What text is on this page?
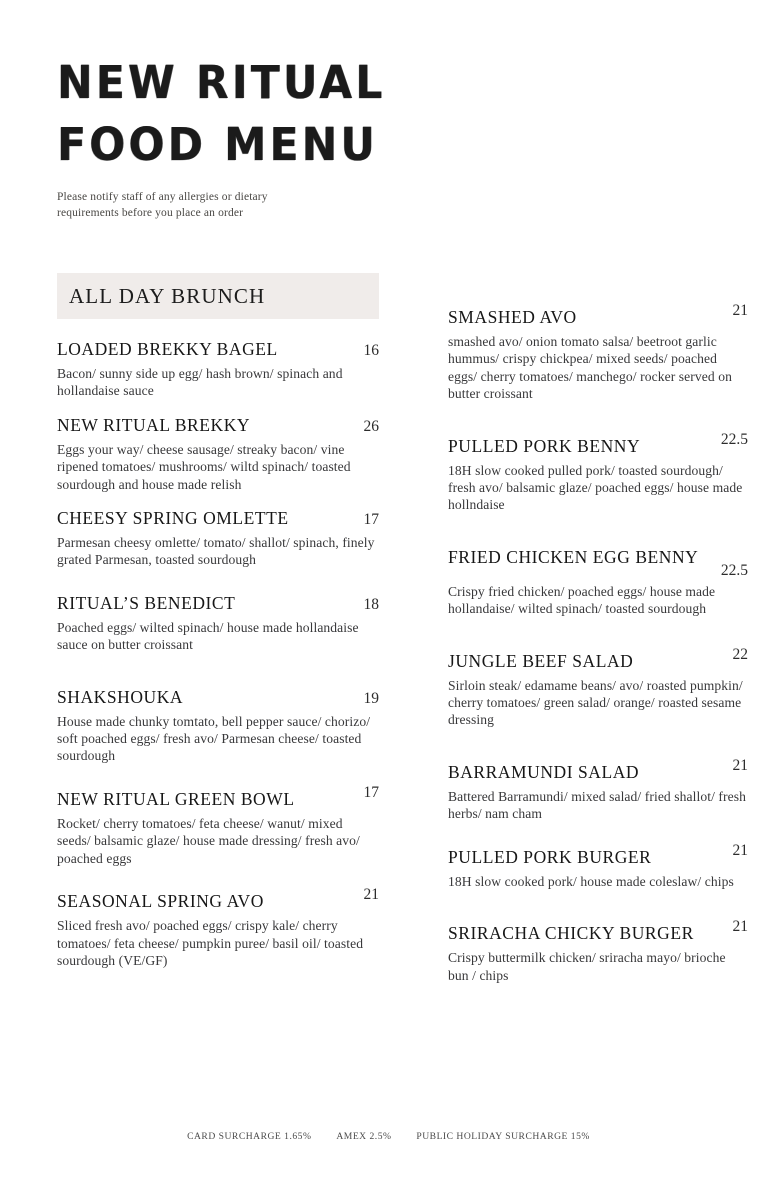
NEW RITUAL
FOOD MENU
Please notify staff of any allergies or dietary requirements before you place an order
ALL DAY BRUNCH
LOADED BREKKY BAGEL	16
Bacon/ sunny side up egg/ hash brown/ spinach and hollandaise sauce
NEW RITUAL BREKKY	26
Eggs your way/ cheese sausage/ streaky bacon/ vine ripened tomatoes/ mushrooms/ wiltd spinach/ toasted sourdough and house made relish
CHEESY SPRING OMLETTE	17
Parmesan cheesy omlette/ tomato/ shallot/ spinach, finely grated Parmesan, toasted sourdough
RITUAL’S BENEDICT	18
Poached eggs/ wilted spinach/ house made hollandaise sauce on butter croissant
SHAKSHOUKA	19
House made chunky tomtato, bell pepper sauce/ chorizo/ soft poached eggs/ fresh avo/ Parmesan cheese/ toasted sourdough
NEW RITUAL GREEN BOWL	17
Rocket/ cherry tomatoes/ feta cheese/ wanut/ mixed seeds/ balsamic glaze/ house made dressing/ fresh avo/ poached eggs
SEASONAL SPRING AVO	21
Sliced fresh avo/ poached eggs/ crispy kale/ cherry tomatoes/ feta cheese/ pumpkin puree/ basil oil/ toasted sourdough (VE/GF)
SMASHED AVO	21
smashed avo/ onion tomato salsa/ beetroot garlic hummus/ crispy chickpea/ mixed seeds/ poached eggs/ cherry tomatoes/ manchego/ rocker served on butter croissant
PULLED PORK BENNY	22.5
18H slow cooked pulled pork/ toasted sourdough/ fresh avo/ balsamic glaze/ poached eggs/ house made hollndaise
FRIED CHICKEN EGG BENNY
22.5
Crispy fried chicken/ poached eggs/ house made hollandaise/ wilted spinach/ toasted sourdough
JUNGLE BEEF SALAD	22
Sirloin steak/ edamame beans/ avo/ roasted pumpkin/ cherry tomatoes/ green salad/ orange/ roasted sesame dressing
BARRAMUNDI SALAD	21
Battered Barramundi/ mixed salad/ fried shallot/ fresh herbs/ nam cham
PULLED PORK BURGER	21
18H slow cooked pork/ house made coleslaw/ chips
SRIRACHA CHICKY BURGER	21
Crispy buttermilk chicken/ sriracha mayo/ brioche bun / chips
CARD SURCHARGE 1.65%	AMEX 2.5%	PUBLIC HOLIDAY SURCHARGE 15%
